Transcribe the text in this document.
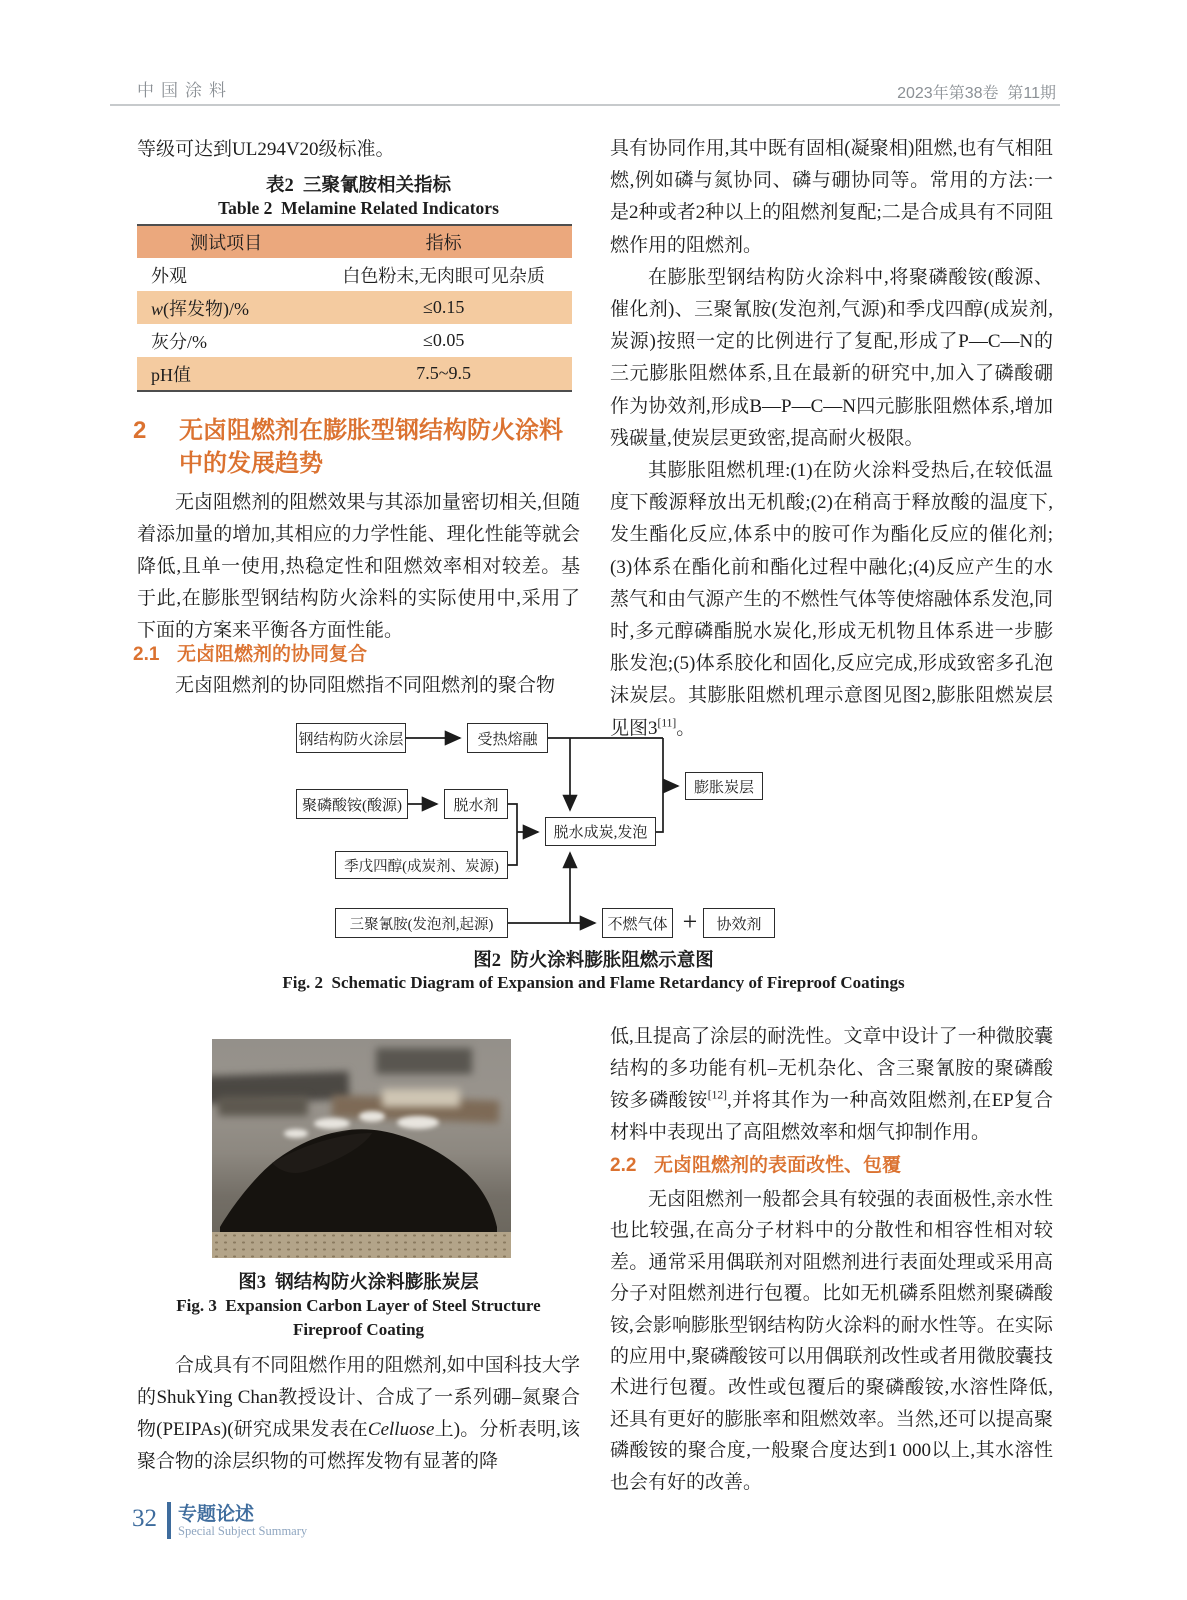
中国涂料	2023年第38卷  第11期

等级可达到UL294V20级标准。

表2  三聚氰胺相关指标
Table 2  Melamine Related Indicators
测试项目	指标
外观	白色粉末,无肉眼可见杂质
w(挥发物)/%	≤0.15
灰分/%	≤0.05
pH值	7.5~9.5
2	无卤阻燃剂在膨胀型钢结构防火涂料中的发展趋势

无卤阻燃剂的阻燃效果与其添加量密切相关,但随着添加量的增加,其相应的力学性能、理化性能等就会降低,且单一使用,热稳定性和阻燃效率相对较差。基于此,在膨胀型钢结构防火涂料的实际使用中,采用了下面的方案来平衡各方面性能。

2.1 无卤阻燃剂的协同复合

无卤阻燃剂的协同阻燃指不同阻燃剂的聚合物

具有协同作用,其中既有固相(凝聚相)阻燃,也有气相阻燃,例如磷与氮协同、磷与硼协同等。常用的方法:一是2种或者2种以上的阻燃剂复配;二是合成具有不同阻燃作用的阻燃剂。

在膨胀型钢结构防火涂料中,将聚磷酸铵(酸源、催化剂)、三聚氰胺(发泡剂,气源)和季戊四醇(成炭剂,炭源)按照一定的比例进行了复配,形成了P—C—N的三元膨胀阻燃体系,且在最新的研究中,加入了磷酸硼作为协效剂,形成B—P—C—N四元膨胀阻燃体系,增加残碳量,使炭层更致密,提高耐火极限。

其膨胀阻燃机理:(1)在防火涂料受热后,在较低温度下酸源释放出无机酸;(2)在稍高于释放酸的温度下,发生酯化反应,体系中的胺可作为酯化反应的催化剂;(3)体系在酯化前和酯化过程中融化;(4)反应产生的水蒸气和由气源产生的不燃性气体等使熔融体系发泡,同时,多元醇磷酯脱水炭化,形成无机物且体系进一步膨胀发泡;(5)体系胶化和固化,反应完成,形成致密多孔泡沫炭层。其膨胀阻燃机理示意图见图2,膨胀阻燃炭层见图3[11]。

钢结构防火涂层	受热熔融
膨胀炭层
聚磷酸铵(酸源)	脱水剂
脱水成炭,发泡
季戊四醇(成炭剂、炭源)
三聚氰胺(发泡剂,起源)	不燃气体	协效剂
+
图2  防火涂料膨胀阻燃示意图
Fig. 2  Schematic Diagram of Expansion and Flame Retardancy of Fireproof Coatings
图3  钢结构防火涂料膨胀炭层
Fig. 3  Expansion Carbon Layer of Steel Structure
Fireproof Coating

合成具有不同阻燃作用的阻燃剂,如中国科技大学的ShukYing Chan教授设计、合成了一系列硼–氮聚合物(PEIPAs)(研究成果发表在Celluose上)。分析表明,该聚合物的涂层织物的可燃挥发物有显著的降

低,且提高了涂层的耐洗性。文章中设计了一种微胶囊结构的多功能有机–无机杂化、含三聚氰胺的聚磷酸铵多磷酸铵[12],并将其作为一种高效阻燃剂,在EP复合材料中表现出了高阻燃效率和烟气抑制作用。

2.2 无卤阻燃剂的表面改性、包覆

无卤阻燃剂一般都会具有较强的表面极性,亲水性也比较强,在高分子材料中的分散性和相容性相对较差。通常采用偶联剂对阻燃剂进行表面处理或采用高分子对阻燃剂进行包覆。比如无机磷系阻燃剂聚磷酸铵,会影响膨胀型钢结构防火涂料的耐水性等。在实际的应用中,聚磷酸铵可以用偶联剂改性或者用微胶囊技术进行包覆。改性或包覆后的聚磷酸铵,水溶性降低,还具有更好的膨胀率和阻燃效率。当然,还可以提高聚磷酸铵的聚合度,一般聚合度达到1 000以上,其水溶性也会有好的改善。

32 专题论述
Special Subject Summary
